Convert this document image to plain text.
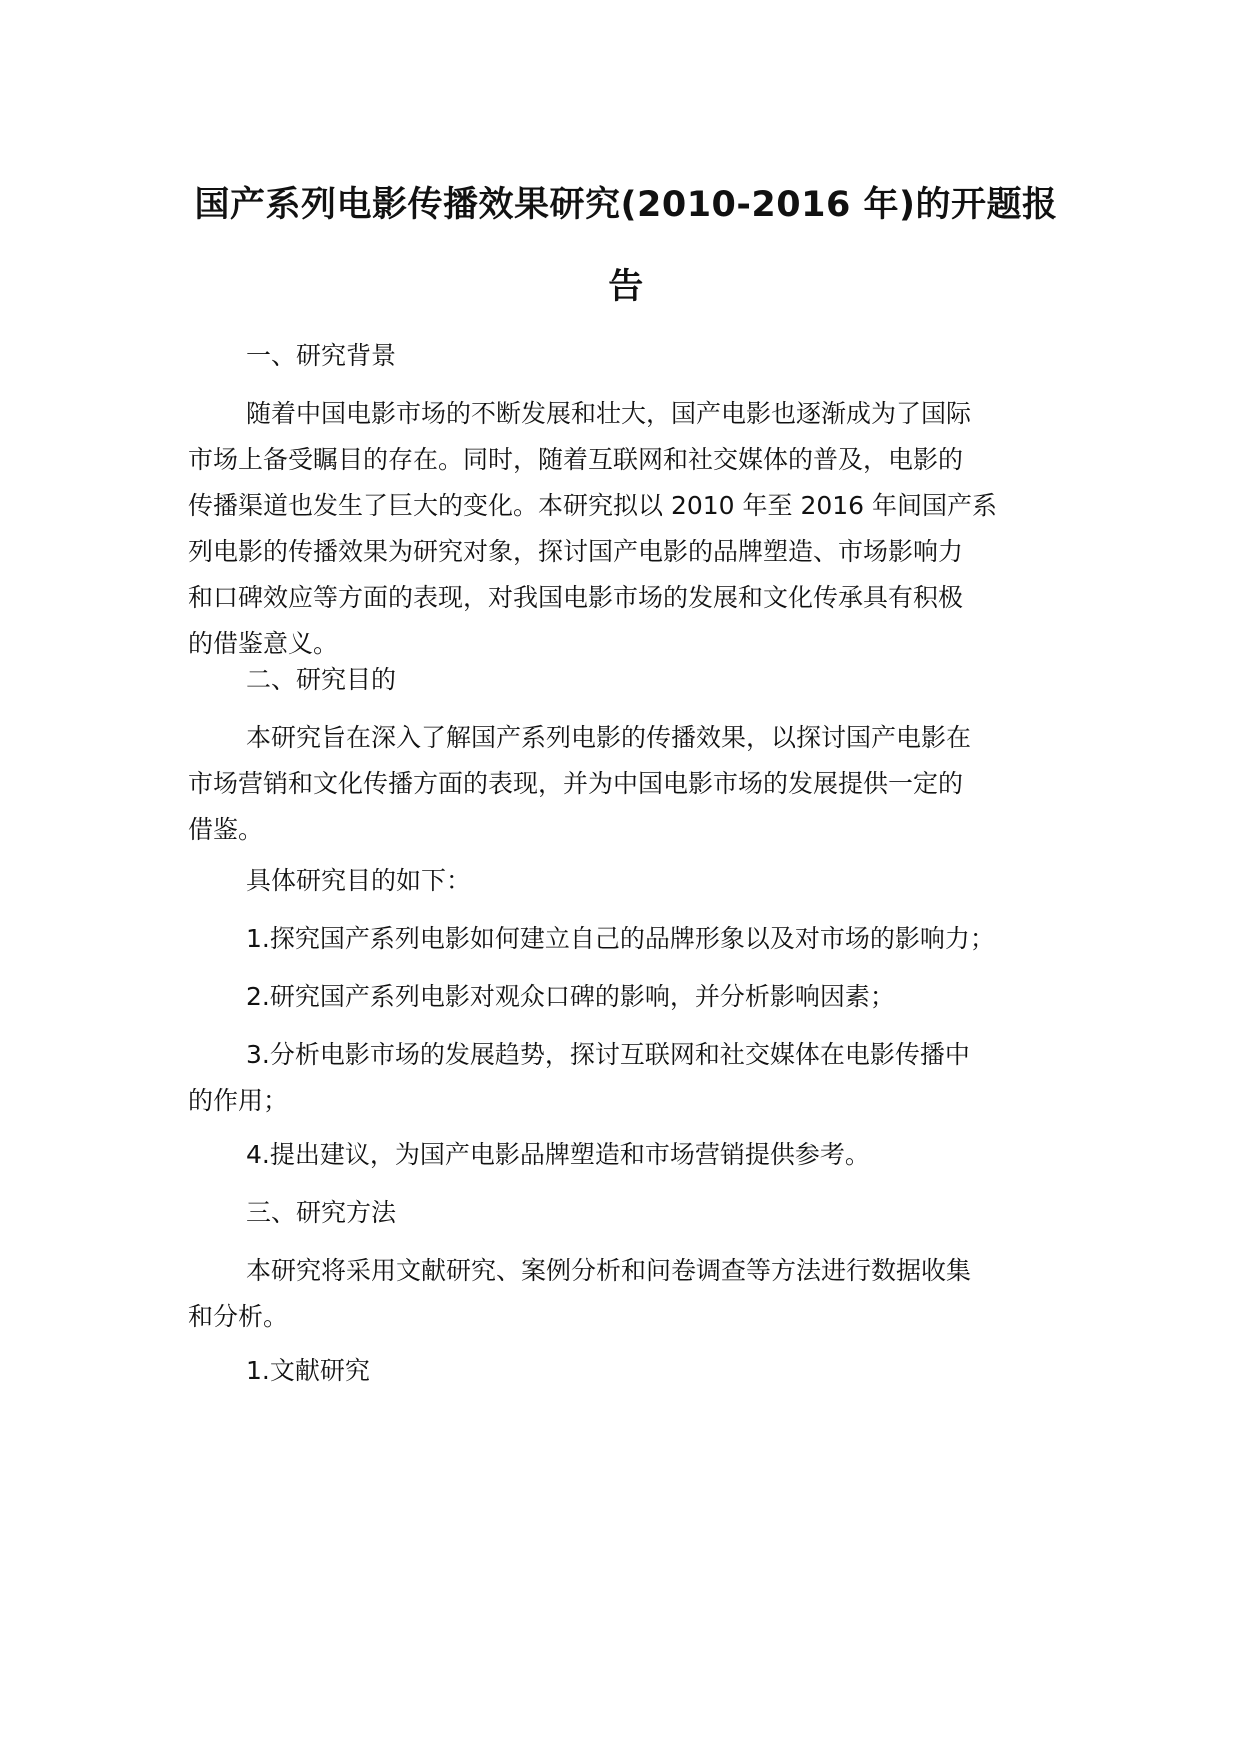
国产系列电影传播效果研究(2010-2016 年)的开题报
告
一、研究背景
随着中国电影市场的不断发展和壮大，国产电影也逐渐成为了国际
市场上备受瞩目的存在。同时，随着互联网和社交媒体的普及，电影的
传播渠道也发生了巨大的变化。本研究拟以 2010 年至 2016 年间国产系
列电影的传播效果为研究对象，探讨国产电影的品牌塑造、市场影响力
和口碑效应等方面的表现，对我国电影市场的发展和文化传承具有积极
的借鉴意义。
二、研究目的
本研究旨在深入了解国产系列电影的传播效果，以探讨国产电影在
市场营销和文化传播方面的表现，并为中国电影市场的发展提供一定的
借鉴。
具体研究目的如下：
1.探究国产系列电影如何建立自己的品牌形象以及对市场的影响力；
2.研究国产系列电影对观众口碑的影响，并分析影响因素；
3.分析电影市场的发展趋势，探讨互联网和社交媒体在电影传播中
的作用；
4.提出建议，为国产电影品牌塑造和市场营销提供参考。
三、研究方法
本研究将采用文献研究、案例分析和问卷调查等方法进行数据收集
和分析。
1.文献研究
